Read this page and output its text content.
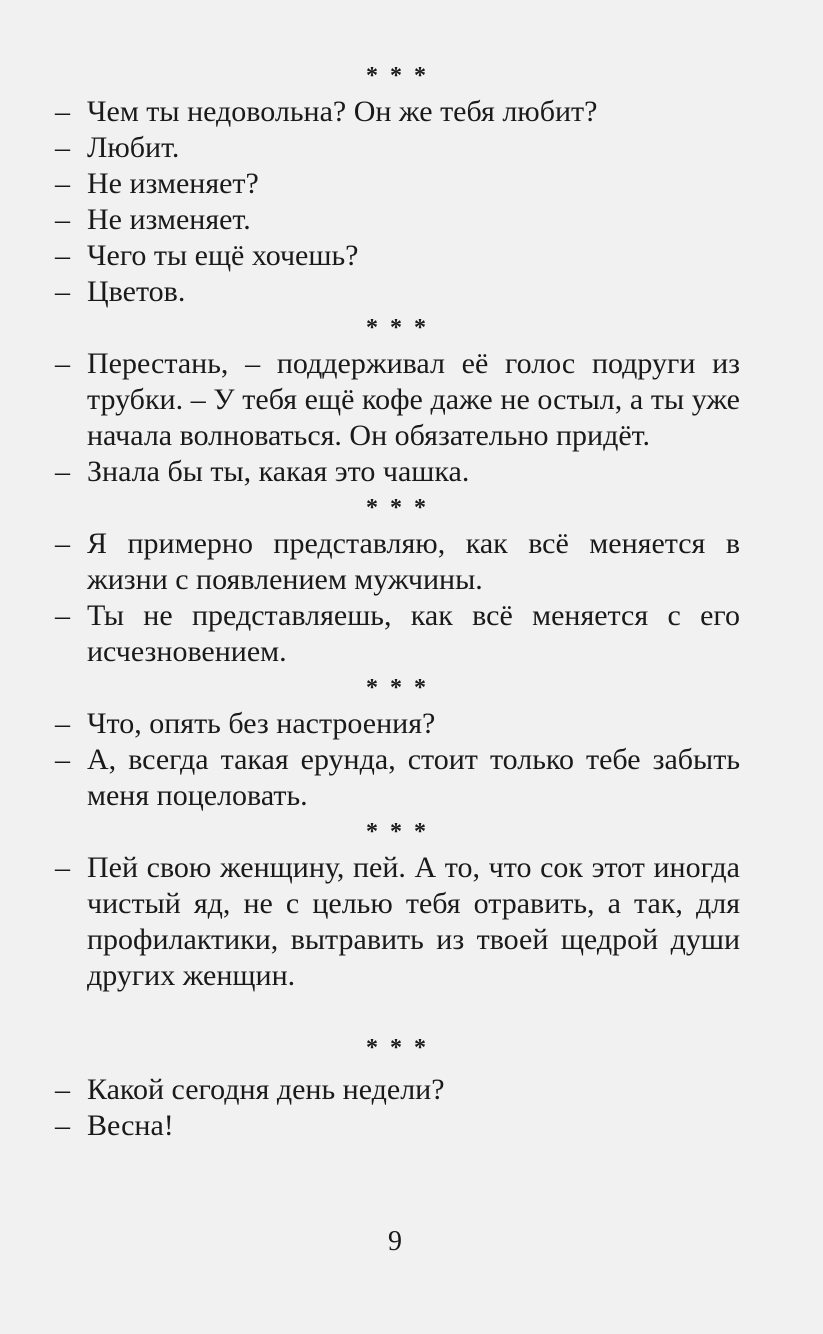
* * *
– Чем ты недовольна? Он же тебя любит?
– Любит.
– Не изменяет?
– Не изменяет.
– Чего ты ещё хочешь?
– Цветов.
* * *
– Перестань, – поддерживал её голос подруги из трубки. – У тебя ещё кофе даже не остыл, а ты уже начала волноваться. Он обязательно придёт.
– Знала бы ты, какая это чашка.
* * *
– Я примерно представляю, как всё меняется в жизни с появлением мужчины.
– Ты не представляешь, как всё меняется с его исчезновением.
* * *
– Что, опять без настроения?
– А, всегда такая ерунда, стоит только тебе забыть меня поцеловать.
* * *
– Пей свою женщину, пей. А то, что сок этот иногда чистый яд, не с целью тебя отравить, а так, для профилактики, вытравить из твоей щедрой души других женщин.
* * *
– Какой сегодня день недели?
– Весна!
9
